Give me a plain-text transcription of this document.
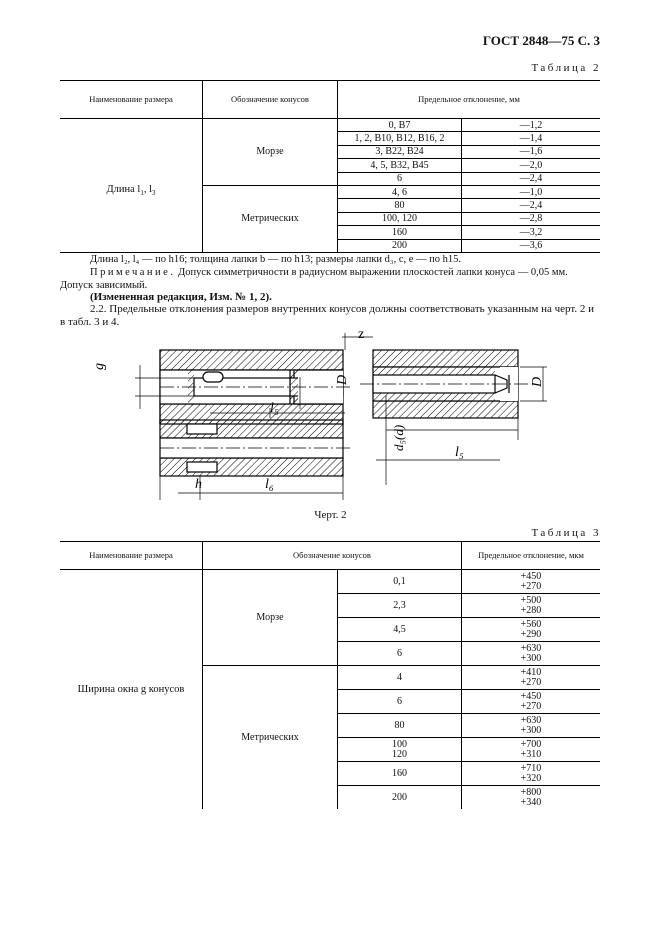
ГОСТ 2848—75 С. 3
Таблица 2
Наименование размера	Обозначение конусов	Предельное отклонение, мм	
Длина $l_1$, $l_3$	Морзе	0, В7	—1,2
		1, 2, В10, В12, В16, 2	—1,4
		3, В22, В24	—1,6
		4, 5, В32, В45	—2,0
		6	—2,4
	Метрических	4, 6	—1,0
		80	—2,4
		100, 120	—2,8
		160	—3,2
		200	—3,6
Длина l₂, l₄ — по h16; толщина лапки b — по h13; размеры лапки d₃, c, e — по h15.
Примечание. Допуск симметричности в радиусном выражении плоскостей лапки конуса — 0,05 мм. Допуск зависимый.
(Измененная редакция, Изм. № 1, 2).
2.2. Предельные отклонения размеров внутренних конусов должны соответствовать указанным на черт. 2 и в табл. 3 и 4.
g
z
D
l₅
h	l₆
D
d₅(d)
l₅
Черт. 2
Таблица 3
Наименование размера	Обозначение конусов		Предельное отклонение, мкм
Ширина окна g конусов	Морзе	0,1	+450
+270
		2,3	+500
+280
		4,5	+560
+290
		6	+630
+300
	Метрических	4	+410
+270
		6	+450
+270
		80	+630
+300
		100
120	+700
+310
		160	+710
+320
		200	+800
+340
